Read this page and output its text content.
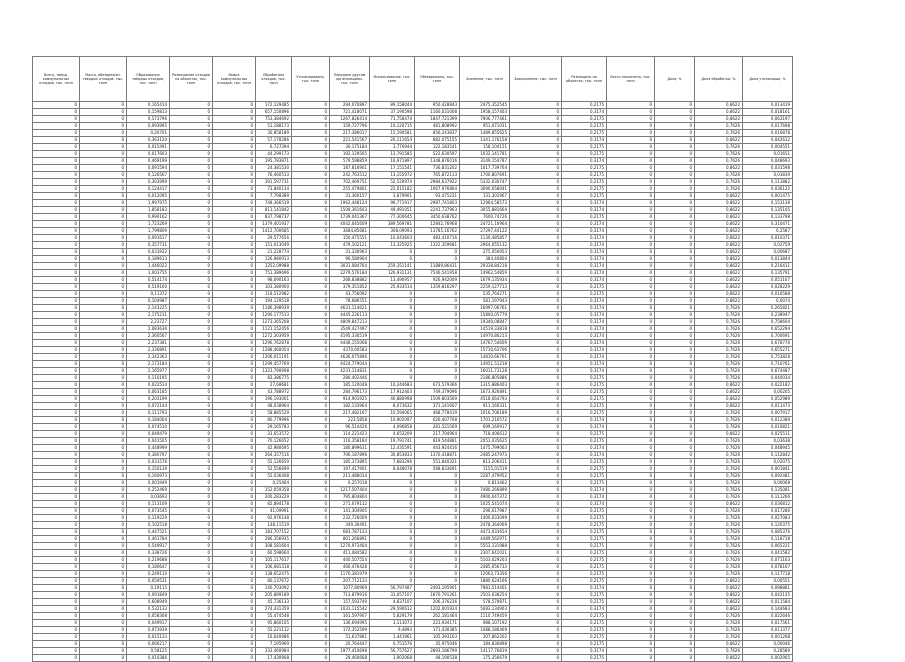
Всего, твёрд. коммунальных отходов, тыс. тонн	Масса, обезврежен. твёрдых отходов, тыс. тонн	Образование твёрдых отходов, тыс. тонн	Размещение отходов на объектах, тыс. тонн	Вывоз коммунальных отходов, тыс. тонн	Обработано отходов, тыс. тонн	Утилизировано, тыс. тонн	Передано другим организациям, тыс. тонн	Использование, тыс. тонн	Обезврежено, тыс. тонн	Хранение, тыс. тонн	Захоронение, тыс. тонн	Размещено на объектах, тыс. тонн	Всего накоплено, тыс. тонн	Доля, %	Доля обработки, %	Доля утилизации, %
0	0	0,165414	0	0	172,129485	0	294,070897	89,158044	950,428843	2475,352545	0	0,2175	0	0	0,8622	0,013419
0	0	0,159813	0	0	657,150896	0	721,418071	37,190598	1160,031008	1958,157403	0	0,3174	0	0	0,8622	0,018161
0	0	0,573796	0	0	753,384692	0	1267,826414	71,758474	1847,721399	7906,777461	0	0,2175	0	0	0,8622	0,063197
0	0	0,093995	0	0	51,188173	0	159,727796	10,120715	481,808992	951,071031	0	0,2175	0	0	0,7626	0,017698
0	0	0,20701	0	0	30,858189	0	217,386017	15,190581	856,243837	1489,855625	0	0,2175	0	0	0,7626	0,016878
0	0	0,363120	0	0	57,178286	0	221,541567	20,111654	882,075155	1341,176158	0	0,3174	0	0	0,8622	0,042612
0	0	0,015491	0	0	6,727394	0	30,175184	3,776944	122,183541	158,104151	0	0,2175	0	0	0,7626	0,004551
0	0	0,017603	0	0	44,299173	0	192,129565	13,791585	522,630597	1032,141781	0	0,2175	0	0	0,7626	0,01651
0	0	0,469199	0	0	195,783871	0	579,598859	16,971897	1348,876016	3149,154787	0	0,3174	0	0	0,7626	0,048693
0	0	0,091594	0	0	24,381530	0	187,816901	17,151541	736,831202	1017,739764	0	0,2175	0	0	0,8622	0,031598
0	0	0,126567	0	0	76,460513	0	242,763512	13,155972	765,872113	1700,807691	0	0,2175	0	0	0,7626	0,03839
0	0	0,303999	0	0	391,597731	0	702,469751	52,520974	2984,637922	5332,030747	0	0,2175	0	0	0,7626	0,111882
0	0	0,124417	0	0	73,840134	0	255,479801	22,015182	1067,976864	3090,658041	0	0,2175	0	0	0,7626	0,036122
0	0	0,012095	0	0	7,798389	0	31,360157	3,879901	93,475231	131,301967	0	0,2175	0	0	0,8622	0,001475
0	0	1,997975	0	0	748,366519	0	1962,448124	96,771917	2987,741803	12964,58573	0	0,3174	0	0	0,8622	0,153138
0	0	1,858183	0	0	811,141842	0	1509,361603	49,491051	2241,737963	3055,881664	0	0,3174	0	0	0,8622	0,135105
0	0	0,990162	0	0	837,798737	0	1739,041367	77,300645	3450,638762	7600,74726	0	0,2175	0	0	0,8622	0,133798
0	0	1,723269	0	0	1379,401937	0	4042,045609	389,569781	12842,76968	24721,10964	0	0,3174	0	0	0,8622	0,310471
0	0	1,799809	0	0	1412,700685	0	3684,85681	308,09093	13785,16762	27297,44122	0	0,3174	0	0	0,8622	0,2587
0	0	0,091617	0	0	29,577656	0	150,475551	10,043603	483,410716	1130,485857	0	0,3174	0	0	0,8622	0,010371
0	0	0,357731	0	0	151,013049	0	479,102121	13,325925	1322,359681	2964,055132	0	0,3174	0	0	0,8622	0,02759
0	0	0,031932	0	0	21,228774	0	31,330963	0	0	275,050953	0	0,3174	0	0	0,8622	0,00687
0	0	0,189613	0	0	126,980913	0	96,580904	0	0	384,40804	0	0,3174	0	0	0,8622	0,013844
0	0	1,446022	0	0	1252,09988	0	3031,084764	259,351141	11889,86431	29338,84218	0	0,3174	0	0	0,8622	0,216411
0	0	1,003755	0	0	751,389696	0	2279,576184	126,931131	7546,541958	14962,54859	0	0,3174	0	0	0,8622	0,135791
0	0	0,514174	0	0	98,090163	0	268,838882	13,490957	926,942009	1679,135934	0	0,3174	0	0	0,8622	0,051107
0	0	0,519100	0	0	103,380900	0	379,351852	25,933514	1359,816297	2259,127713	0	0,2175	0	0	0,8622	0,028229
0	0	0,11372	0	0	118,512982	0	43,756092	0	0	535,764271	0	0,2175	0	0	0,8622	0,016588
0	0	0,104987	0	0	194,129518	0	78,686551	0	0	581,197943	0	0,3174	0	0	0,8622	0,0074
0	0	2,143225	0	0	1186,398939	0	4631,114621	0	0	16997,06761	0	0,3174	0	0	0,7626	0,265821
0	0	2,175211	0	0	1290,177513	0	4445,226113	0	0	15800,05779	0	0,3174	0	0	0,7626	0,238947
0	0	2,23727	0	0	1273,365208	0	4809,847213	0	0	19340,08847	0	0,3174	0	0	0,7626	0,758604
0	0	2,083636	0	0	1121,152456	0	3549,427497	0	0	14519,33818	0	0,3174	0	0	0,7626	0,652294
0	0	2,360567	0	0	1272,303959	0	4195,330519	0	0	14970,86213	0	0,3174	0	0	0,7626	0,700691
0	0	2,237381	0	0	1296,762878	0	4448,155068	0	0	14767,54609	0	0,3174	0	0	0,7626	0,678776
0	0	2,330891	0	0	1288,460054	0	4370,60583	0	0	15710,63706	0	0,3174	0	0	0,7626	0,655271
0	0	2,342363	0	0	1306,011191	0	4636,075896	0	0	14810,66761	0	0,3174	0	0	0,7626	0,753828
0	0	2,173184	0	0	1299,457769	0	4424,779044	0	0	14951,51218	0	0,3174	0	0	0,7626	0,710761
0	0	2,165977	0	0	1323,790698	0	4231,114831	0	0	16011,73128	0	0,3174	0	0	0,7626	0,674487
0	0	0,110195	0	0	82,386775	0	280,402446	0	0	2186,805886	0	0,2175	0	0	0,7626	0,040034
0	0	0,022514	0	0	27,68681	0	185,120048	10,244683	673,579366	1315,886403	0	0,2175	0	0	0,8622	0,022182
0	0	0,063185	0	0	43,788972	0	284,796173	17,912403	749,379096	1673,926891	0	0,2175	0	0	0,8622	0,00205
0	0	0,203199	0	0	196,193001	0	914,901925	40,880998	1509,803569	4518,064793	0	0,2175	0	0	0,8622	0,052989
0	0	0,072144	0	0	48,038964	0	182,133964	8,073632	371,141607	911,160331	0	0,2175	0	0	0,8622	0,011473
0	0	0,111793	0	0	58,885529	0	217,482167	10,594065	468,778419	1016,706189	0	0,2175	0	0	0,7626	0,007917
0	0	0,184004	0	0	80,779996	0	223,5858	10,902097	626,407708	1701,210572	0	0,3174	0	0	0,7626	0,012389
0	0	0,074510	0	0	29,165783	0	96,514426	4,096858	281,521569	699,160917	0	0,3174	0	0	0,7626	0,010821
0	0	0,049479	0	0	33,653572	0	114,221423	4,652209	217,704964	718,406612	0	0,2175	0	0	0,8622	0,025511
0	0	0,041505	0	0	70,126652	0	116,358184	19,791741	819,544881	2051,035625	0	0,2175	0	0	0,7626	0,03638
0	0	0,448999	0	0	42,980695	0	180,899631	12,435591	443,924416	1475,799063	0	0,3174	0	0	0,7626	0,048945
0	0	0,380797	0	0	264,357516	0	706,187896	30,853833	1370,418871	2485,247973	0	0,3174	0	0	0,7626	0,112842
0	0	0,031576	0	0	55,126659	0	185,373895	7,883296	551,840321	813,206411	0	0,2175	0	0	0,7626	0,02075
0	0	0,150139	0	0	52,556699	0	197,417901	8,648078	568,833691	1155,01519	0	0,2175	0	0	0,7626	0,001841
0	0	0,160973	0	0	55,036408	0	211,488034	0	0	2287,479952	0	0,2175	0	0	0,7626	0,092481
0	0	0,001949	0	0	0,25464	0	0,257018	0	0	0,813462	0	0,2175	0	0	0,7626	0,00068
0	0	0,252469	0	0	152,059358	0	1217,507404	0	0	7480,266899	0	0,3174	0	0	0,7626	0,135081
0	0	0,03693	0	0	200,283229	0	795,804804	0	0	4900,047372	0	0,3174	0	0	0,7626	0,111266
0	0	0,113109	0	0	82,894178	0	271,079112	0	0	1025,541074	0	0,3174	0	0	0,8622	0,036812
0	0	0,073545	0	0	41,09991	0	141,304905	0	0	296,617987	0	0,2175	0	0	0,7626	0,017286
0	0	0,119229	0	0	92,976148	0	232,726009	0	0	1400,033099	0	0,2175	0	0	0,7626	0,027083
0	0	0,102518	0	0	148,11519	0	349,30491	0	0	2478,364069	0	0,2175	0	0	0,7626	0,120375
0	0	0,447521	0	0	183,707152	0	683,787133	0	0	4473,033654	0	0,2175	0	0	0,7626	0,085376
0	0	0,461784	0	0	286,356935	0	801,266891	0	0	4489,562971	0	0,2175	0	0	0,7626	0,118718
0	0	0,549917	0	0	308,581604	0	1270,973404	0	0	5553,131988	0	0,2175	0	0	0,7626	0,065221
0	0	0,338726	0	0	60,598664	0	411,084582	0	0	2307,641021	0	0,2175	0	0	0,7626	0,041582
0	0	0,219688	0	0	105,117617	0	440,507554	0	0	5103,029203	0	0,2175	0	0	0,7626	0,071163
0	0	0,180647	0	0	106,081318	0	466,476428	0	0	2485,056733	0	0,2175	0	0	0,7626	0,078167
0	0	0,249110	0	0	138,652475	0	1170,381979	0	0	12063,73356	0	0,2175	0	0	0,7626	0,117718
0	0	0,059531	0	0	80,137672	0	207,712133	0	0	1880,624166	0	0,2175	0	0	0,8622	0,00551
0	0	0,19115	0	0	140,703092	0	1077,80969	56,797487	2493,195901	7981,514401	0	0,3174	0	0	0,8622	0,098881
0	0	0,091849	0	0	205,889189	0	713,879916	31,057107	1670,791261	2503,638254	0	0,2175	0	0	0,8622	0,042135
0	0	0,608949	0	0	45,736133	0	157,593749	4,837107	206,376236	578,579871	0	0,2175	0	0	0,8622	0,011584
0	0	0,532133	0	0	274,431359	0	1031,115542	29,590612	1202,001924	5083,134903	0	0,3174	0	0	0,8622	0,144683
0	0	0,058308	0	0	55,474548	0	161,597907	5,829179	262,181464	1110,749459	0	0,2175	0	0	0,7626	0,022646
0	0	0,049917	0	0	95,860105	0	136,694995	3,113073	223,934171	988,107192	0	0,2175	0	0	0,7626	0,017561
0	0	0,073939	0	0	55,221112	0	172,352599	9,4893	171,430385	1088,186469	0	0,2175	0	0	0,7626	0,011377
0	0	0,015133	0	0	16,640986	0	51,637881	1,441961	105,393163	307,862202	0	0,2175	0	0	0,7626	0,001268
0	0	0,066217	0	0	7,195969	0	20,764447	0,751576	35,975046	184,836898	0	0,2175	0	0	0,8622	0,00046
0	0	0,58125	0	0	333,460984	0	1977,410698	56,757627	2893,186799	14117,76819	0	0,3174	0	0	0,7626	0,28589
0	0	0,010386	0	0	17,430908	0	29,460668	1,902068	48,190538	175,356679	0	0,2175	0	0	0,8622	0,002905
